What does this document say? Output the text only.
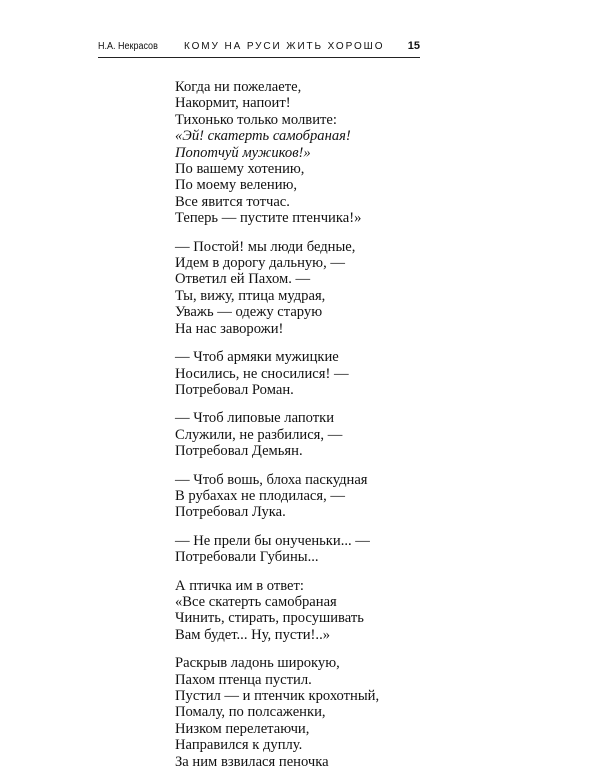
Н.А. Некрасов	КОМУ НА РУСИ ЖИТЬ ХОРОШО 15
Когда ни пожелаете,
Накормит, напоит!
Тихонько только молвите:
«Эй! скатерть самобраная!
Попотчуй мужиков!»
По вашему хотению,
По моему велению,
Все явится тотчас.
Теперь — пустите птенчика!»
— Постой! мы люди бедные,
Идем в дорогу дальную, —
Ответил ей Пахом. —
Ты, вижу, птица мудрая,
Уважь — одежу старую
На нас заворожи!
— Чтоб армяки мужицкие
Носились, не сносилися! —
Потребовал Роман.
— Чтоб липовые лапотки
Служили, не разбилися, —
Потребовал Демьян.
— Чтоб вошь, блоха паскудная
В рубахах не плодилася, —
Потребовал Лука.
— Не прели бы онученьки... —
Потребовали Губины...
А птичка им в ответ:
«Все скатерть самобраная
Чинить, стирать, просушивать
Вам будет... Ну, пусти!..»
Раскрыв ладонь широкую,
Пахом птенца пустил.
Пустил — и птенчик крохотный,
Помалу, по полсаженки,
Низком перелетаючи,
Направился к дуплу.
За ним взвилася пеночка
